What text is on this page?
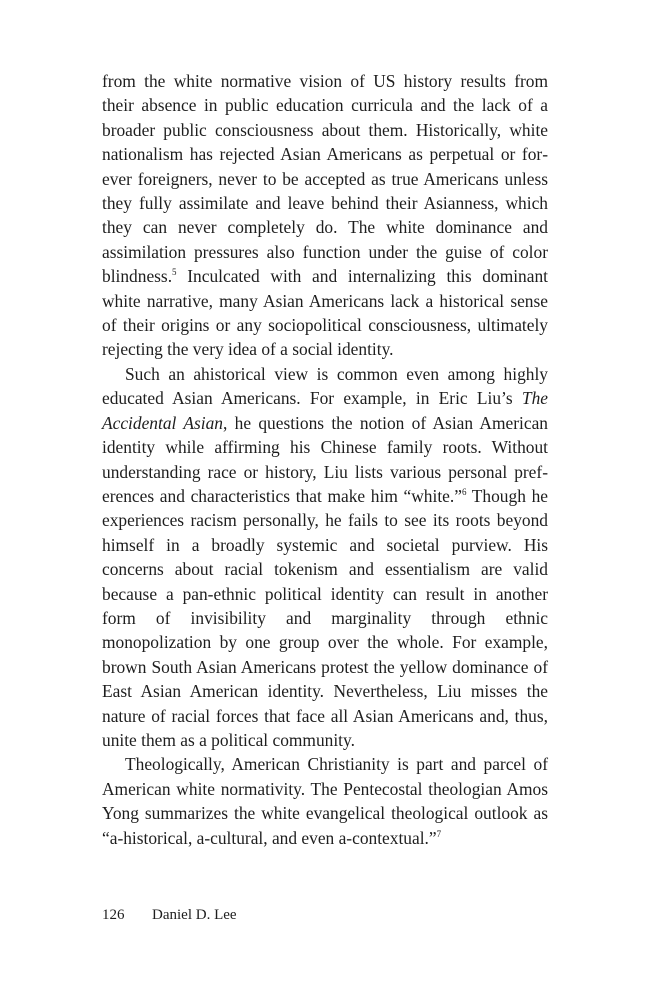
from the white normative vision of US history results from their absence in public education curricula and the lack of a broader public consciousness about them. Historically, white nationalism has rejected Asian Americans as perpetual or forever foreigners, never to be accepted as true Americans unless they fully assimilate and leave behind their Asianness, which they can never completely do. The white dominance and assimilation pressures also function under the guise of color blindness.$^5$ Inculcated with and internalizing this dominant white narrative, many Asian Americans lack a historical sense of their origins or any sociopolitical consciousness, ultimately rejecting the very idea of a social identity.

Such an ahistorical view is common even among highly educated Asian Americans. For example, in Eric Liu’s The Accidental Asian, he questions the notion of Asian American identity while affirming his Chinese family roots. Without understanding race or history, Liu lists various personal preferences and characteristics that make him “white.”$^6$ Though he experiences racism personally, he fails to see its roots beyond himself in a broadly systemic and societal purview. His concerns about racial tokenism and essentialism are valid because a pan-ethnic political identity can result in another form of invisibility and marginality through ethnic monopolization by one group over the whole. For example, brown South Asian Americans protest the yellow dominance of East Asian American identity. Nevertheless, Liu misses the nature of racial forces that face all Asian Americans and, thus, unite them as a political community.

Theologically, American Christianity is part and parcel of American white normativity. The Pentecostal theologian Amos Yong summarizes the white evangelical theological outlook as “a-historical, a-cultural, and even a-contextual.”$^7$

126 Daniel D. Lee
